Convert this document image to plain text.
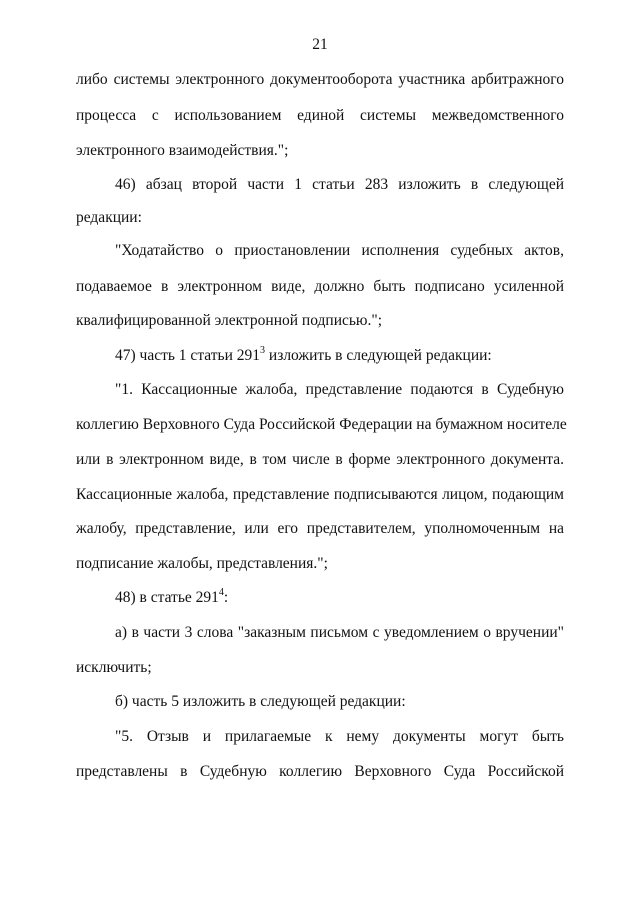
21
либо системы электронного документооборота участника арбитражного
процесса с использованием единой системы межведомственного
электронного взаимодействия.";
46) абзац второй части 1 статьи 283 изложить в следующей
редакции:
"Ходатайство о приостановлении исполнения судебных актов,
подаваемое в электронном виде, должно быть подписано усиленной
квалифицированной электронной подписью.";
47) часть 1 статьи $291^3$ изложить в следующей редакции:
"1. Кассационные жалоба, представление подаются в Судебную
коллегию Верховного Суда Российской Федерации на бумажном носителе
или в электронном виде, в том числе в форме электронного документа.
Кассационные жалоба, представление подписываются лицом, подающим
жалобу, представление, или его представителем, уполномоченным на
подписание жалобы, представления.";
48) в статье $291^4$:
а) в части 3 слова "заказным письмом с уведомлением о вручении"
исключить;
б) часть 5 изложить в следующей редакции:
"5. Отзыв и прилагаемые к нему документы могут быть
представлены в Судебную коллегию Верховного Суда Российской
